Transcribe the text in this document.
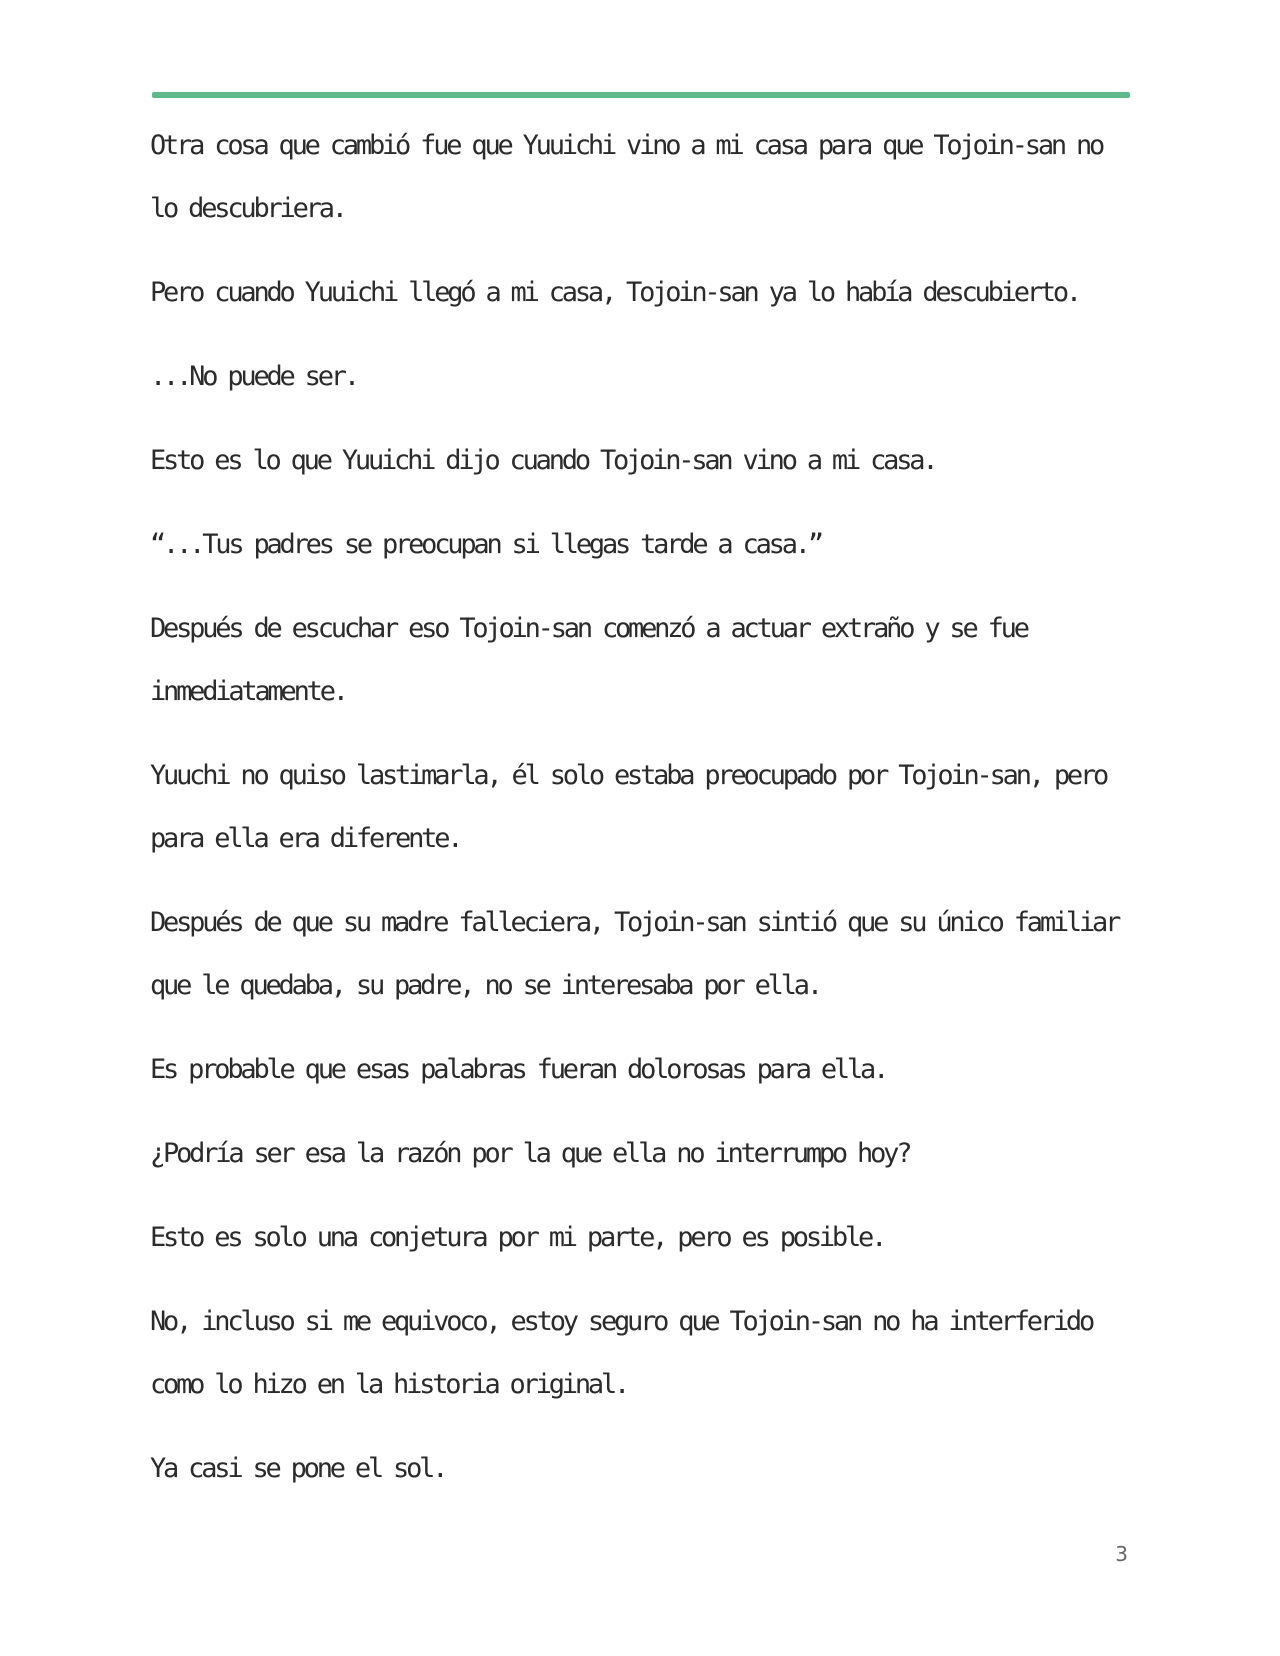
Otra cosa que cambió fue que Yuuichi vino a mi casa para que Tojoin-san no lo descubriera.

Pero cuando Yuuichi llegó a mi casa, Tojoin-san ya lo había descubierto.

...No puede ser.

Esto es lo que Yuuichi dijo cuando Tojoin-san vino a mi casa.

“...Tus padres se preocupan si llegas tarde a casa.”

Después de escuchar eso Tojoin-san comenzó a actuar extraño y se fue inmediatamente.

Yuuchi no quiso lastimarla, él solo estaba preocupado por Tojoin-san, pero para ella era diferente.

Después de que su madre falleciera, Tojoin-san sintió que su único familiar que le quedaba, su padre, no se interesaba por ella.

Es probable que esas palabras fueran dolorosas para ella.

¿Podría ser esa la razón por la que ella no interrumpo hoy?

Esto es solo una conjetura por mi parte, pero es posible.

No, incluso si me equivoco, estoy seguro que Tojoin-san no ha interferido como lo hizo en la historia original.

Ya casi se pone el sol.

3
